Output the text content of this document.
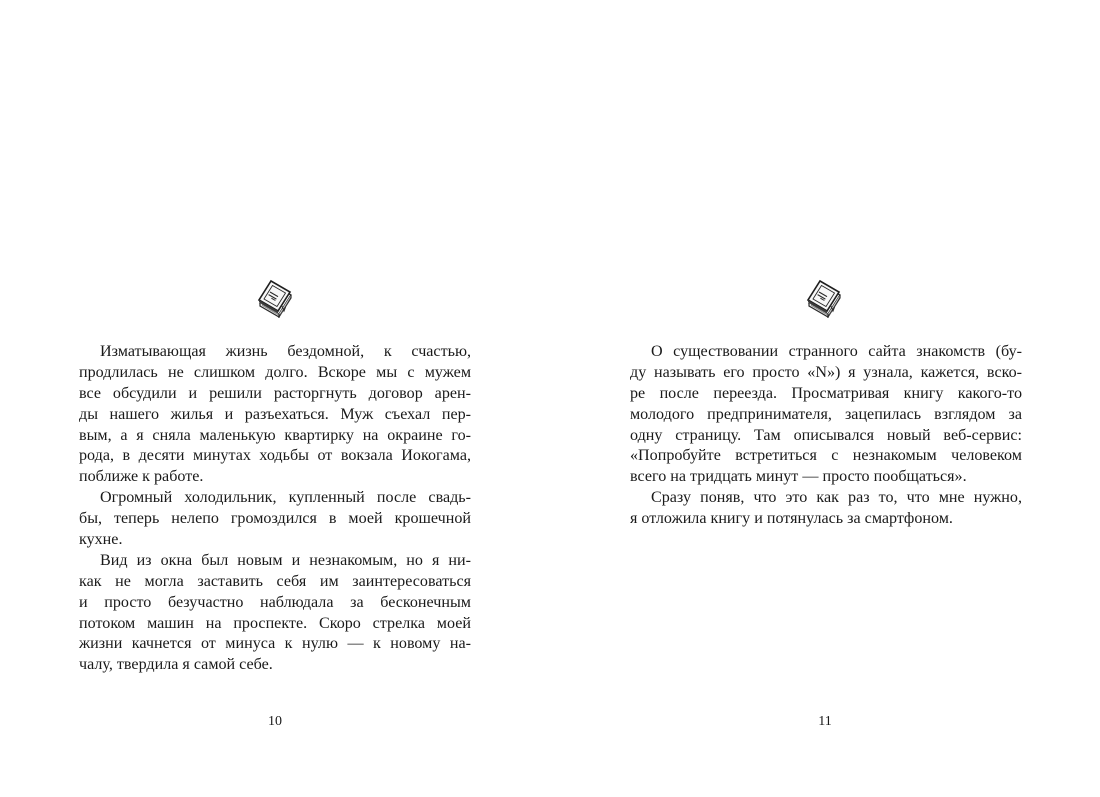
Изматывающая жизнь бездомной, к счастью,
продлилась не слишком долго. Вскоре мы с мужем
все обсудили и решили расторгнуть договор арен-
ды нашего жилья и разъехаться. Муж съехал пер-
вым, а я сняла маленькую квартирку на окраине го-
рода, в десяти минутах ходьбы от вокзала Иокогама,
поближе к работе.
Огромный холодильник, купленный после свадь-
бы, теперь нелепо громоздился в моей крошечной
кухне.
Вид из окна был новым и незнакомым, но я ни-
как не могла заставить себя им заинтересоваться
и просто безучастно наблюдала за бесконечным
потоком машин на проспекте. Скоро стрелка моей
жизни качнется от минуса к нулю — к новому на-
чалу, твердила я самой себе.
10
О существовании странного сайта знакомств (бу-
ду называть его просто «N») я узнала, кажется, вско-
ре после переезда. Просматривая книгу какого-то
молодого предпринимателя, зацепилась взглядом за
одну страницу. Там описывался новый веб-сервис:
«Попробуйте встретиться с незнакомым человеком
всего на тридцать минут — просто пообщаться».
Сразу поняв, что это как раз то, что мне нужно,
я отложила книгу и потянулась за смартфоном.
11
